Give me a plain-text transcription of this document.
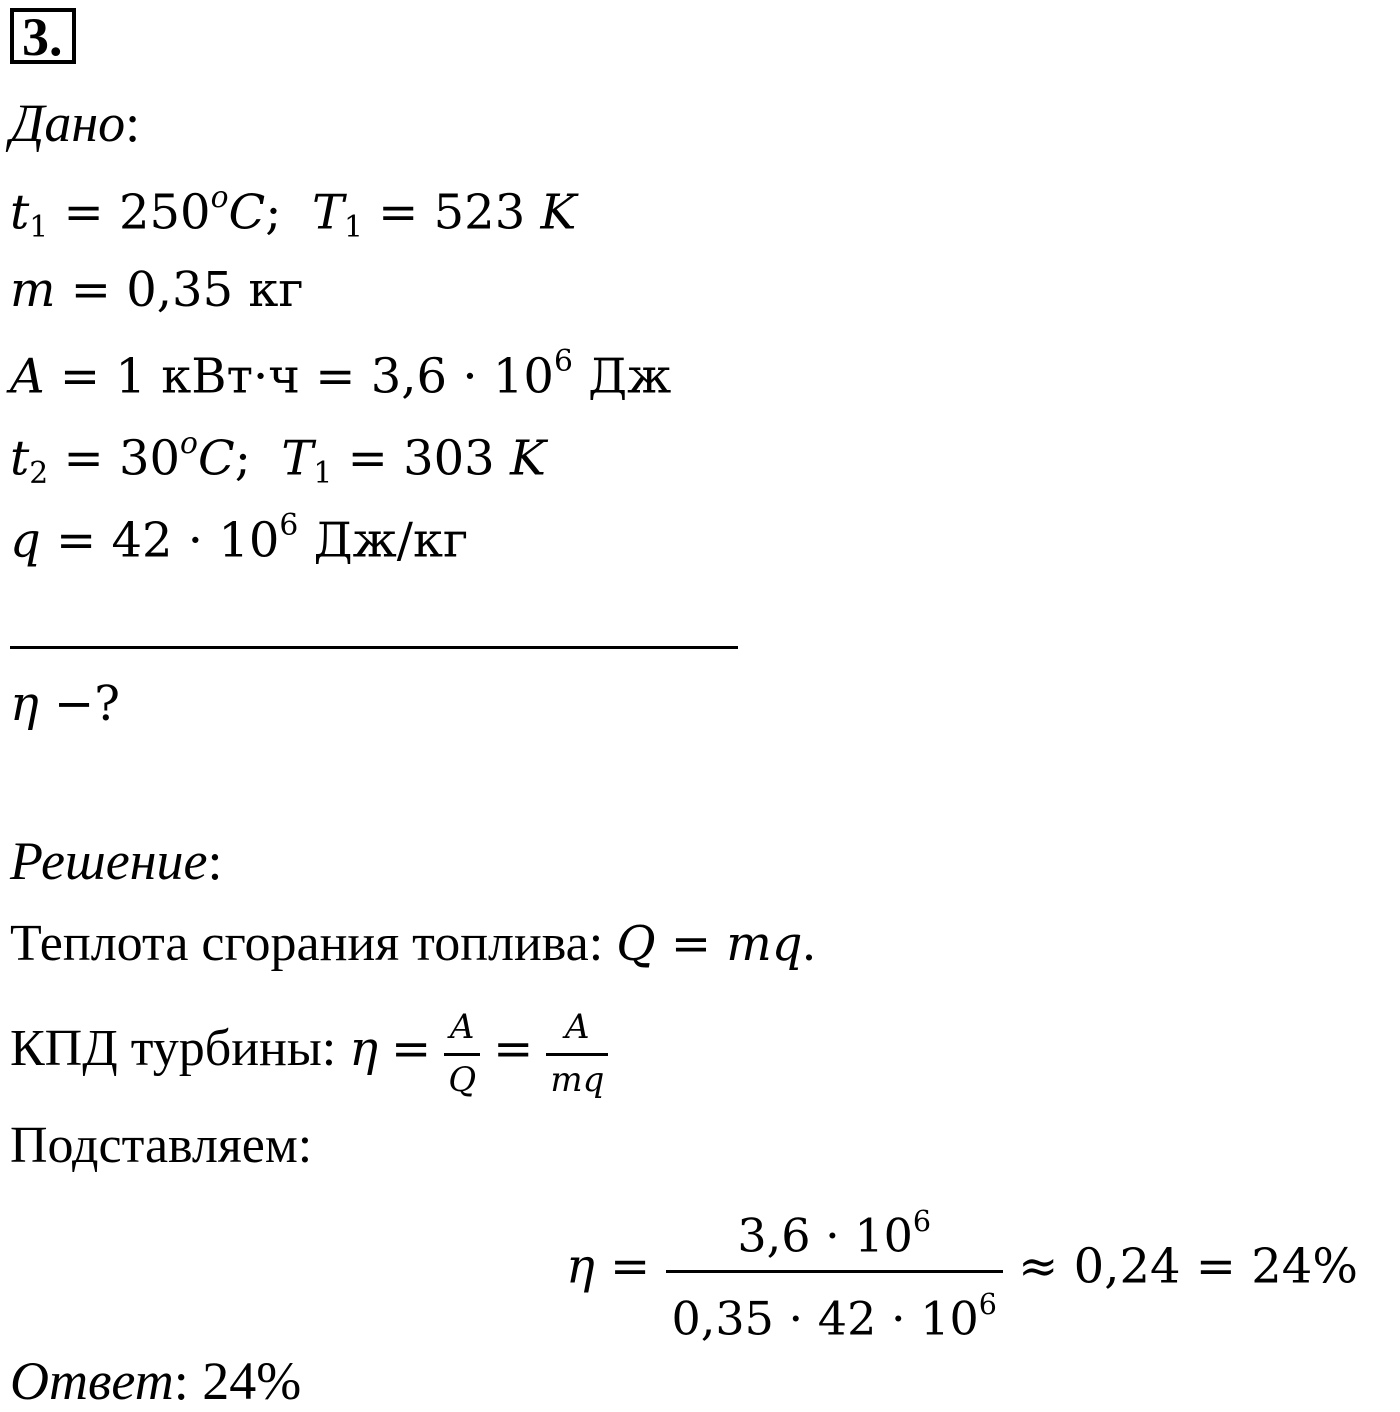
3.
Дано:
$t_1 = 250^oC$;  $T_1 = 523$ K
m = 0,35 кг
A = 1 $кВт\cdot ч = 3,6 \cdot 10^6$ Дж
$t_2 = 30^oC$;  $T_1 = 303$ K
$q = 42 \cdot 10^6$ Дж/кг
η −?
Решение:
Теплота сгорания топлива: Q = mq.
КПД турбины: $\eta = \frac{A}{Q} = \frac{A}{mq}$
Подставляем:
$\eta = \frac{3,6 \cdot 10^6}{0,35 \cdot 42 \cdot 10^6} \approx 0,24 = 24\%$
Ответ: 24%
